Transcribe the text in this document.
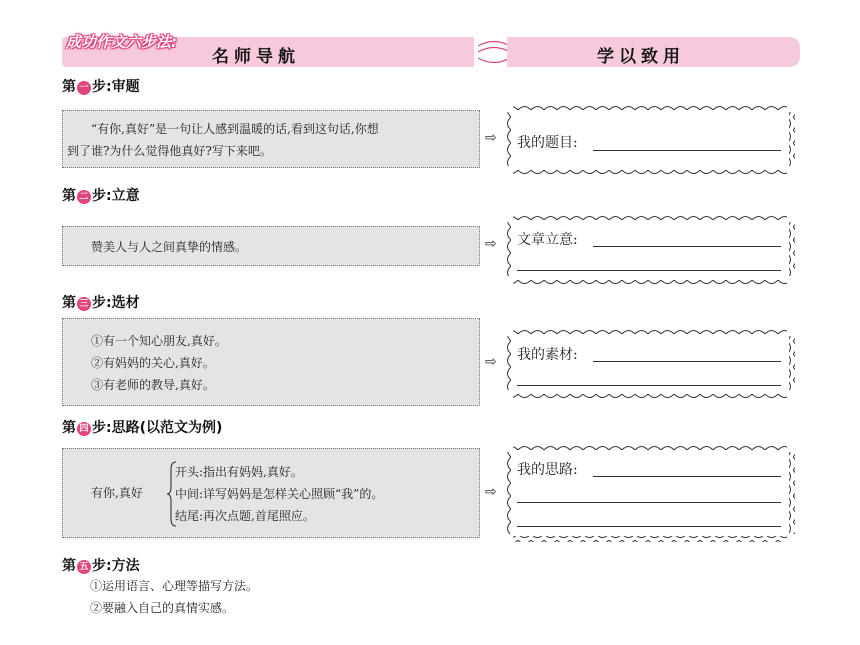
成功作文六步法:
名师导航	学以致用
第 一 步:审题
“有你,真好”是一句让人感到温暖的话,看到这句话,你想
到了谁?为什么觉得他真好?写下来吧。
⇨ 我的题目:
第 二 步:立意
赞美人与人之间真挚的情感。	⇨ 文章立意:
第 三 步:选材
①有一个知心朋友,真好。
②有妈妈的关心,真好。
③有老师的教导,真好。
⇨ 我的素材:
第 四 步:思路(以范文为例)
有你,真好
开头:指出有妈妈,真好。
中间:详写妈妈是怎样关心照顾“我”的。
结尾:再次点题,首尾照应。
⇨
我的思路:
第 五 步:方法
①运用语言、心理等描写方法。
②要融入自己的真情实感。
